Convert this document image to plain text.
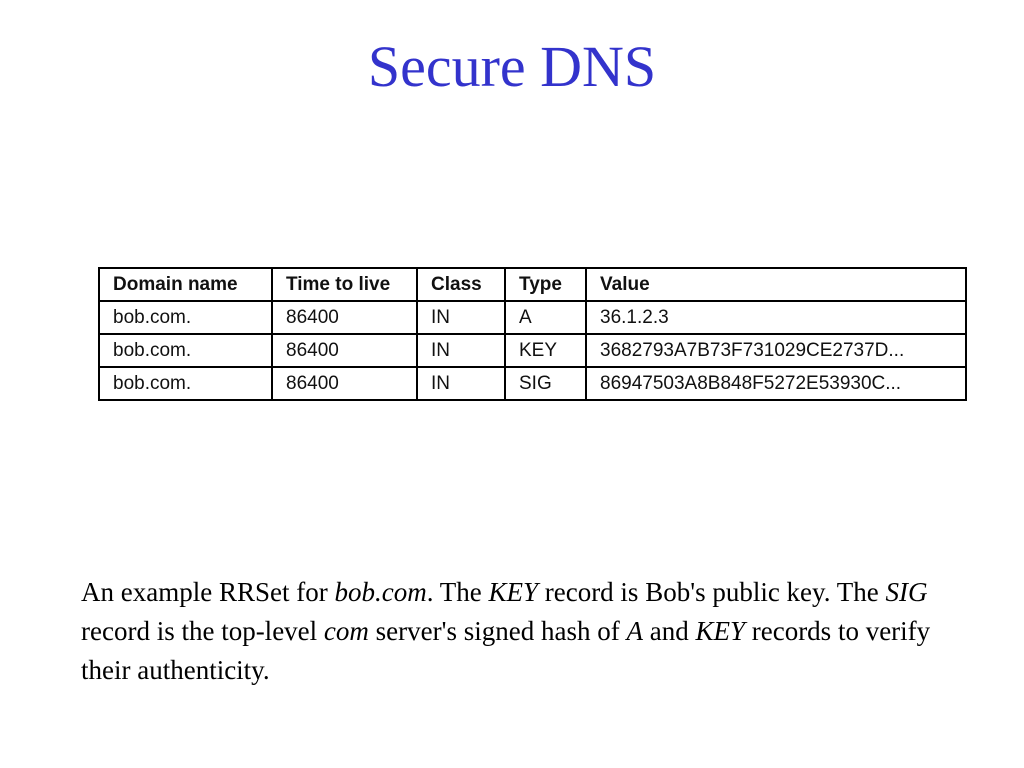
Secure DNS
Domain name	Time to live	Class	Type	Value
bob.com.	86400	IN	A	36.1.2.3
bob.com.	86400	IN	KEY	3682793A7B73F731029CE2737D...
bob.com.	86400	IN	SIG	86947503A8B848F5272E53930C...

An example RRSet for bob.com. The KEY record is Bob's public key. The SIG record is the top-level com server's signed hash of A and KEY records to verify their authenticity.
